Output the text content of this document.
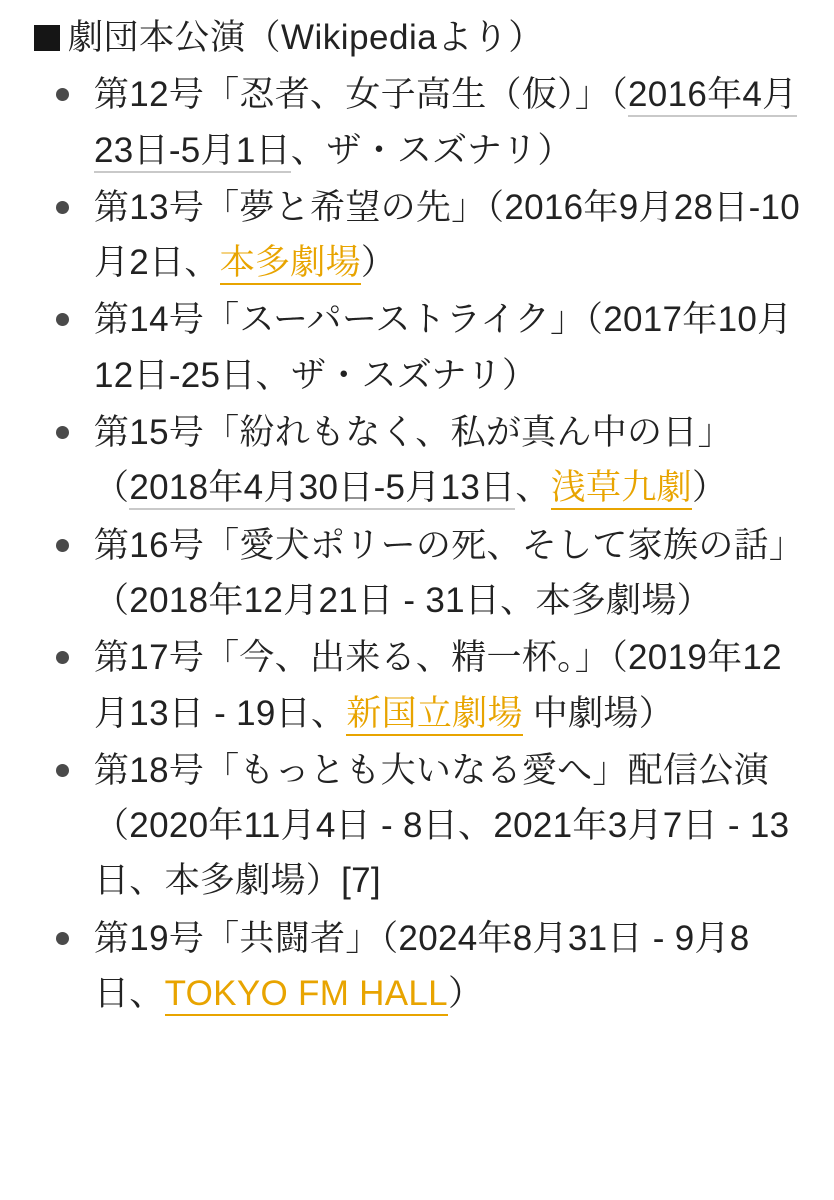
劇団本公演（Wikipediaより）
第12号「忍者、女子高生（仮）」（2016年4月23日-5月1日、ザ・スズナリ）
第13号「夢と希望の先」（2016年9月28日-10月2日、本多劇場）
第14号「スーパーストライク」（2017年10月12日-25日、ザ・スズナリ）
第15号「紛れもなく、私が真ん中の日」（2018年4月30日-5月13日、浅草九劇）
第16号「愛犬ポリーの死、そして家族の話」（2018年12月21日 - 31日、本多劇場）
第17号「今、出来る、精一杯。」（2019年12月13日 - 19日、新国立劇場 中劇場）
第18号「もっとも大いなる愛へ」配信公演（2020年11月4日 - 8日、2021年3月7日 - 13日、本多劇場）[7]
第19号「共闘者」（2024年8月31日 - 9月8日、TOKYO FM HALL）
